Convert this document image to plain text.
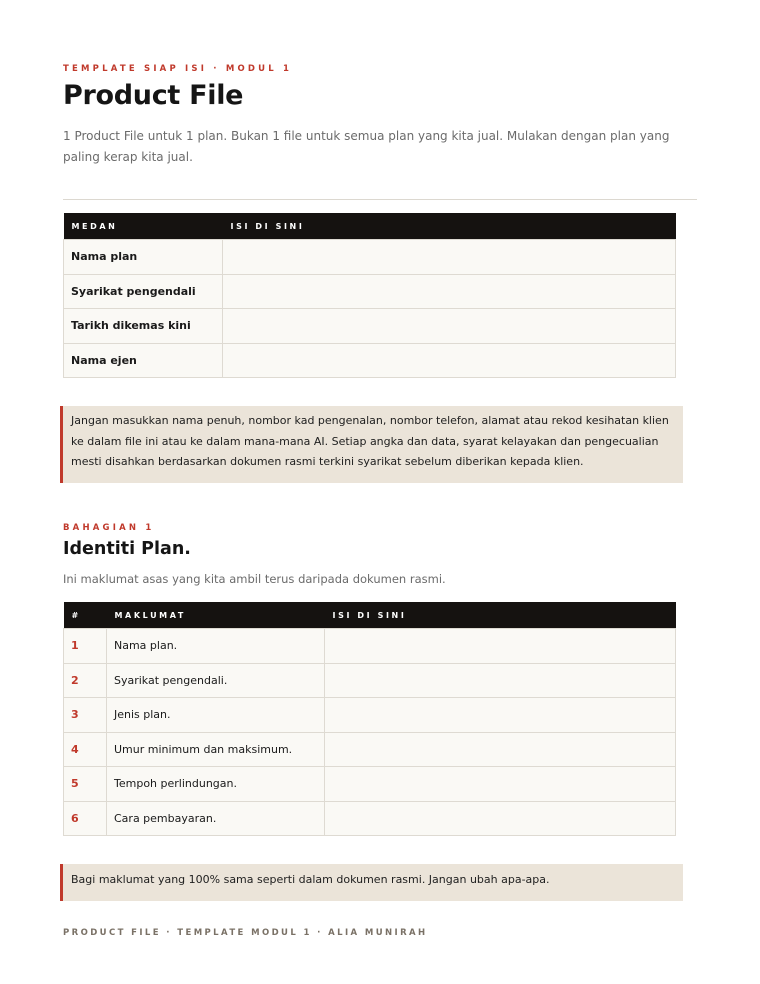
TEMPLATE SIAP ISI · MODUL 1
Product File
1 Product File untuk 1 plan. Bukan 1 file untuk semua plan yang kita jual. Mulakan dengan plan yang paling kerap kita jual.
MEDAN	ISI DI SINI
Nama plan	
Syarikat pengendali	
Tarikh dikemas kini	
Nama ejen	
Jangan masukkan nama penuh, nombor kad pengenalan, nombor telefon, alamat atau rekod kesihatan klien ke dalam file ini atau ke dalam mana-mana AI. Setiap angka dan data, syarat kelayakan dan pengecualian mesti disahkan berdasarkan dokumen rasmi terkini syarikat sebelum diberikan kepada klien.
BAHAGIAN 1
Identiti Plan.
Ini maklumat asas yang kita ambil terus daripada dokumen rasmi.
#	MAKLUMAT	ISI DI SINI
1	Nama plan.	
2	Syarikat pengendali.	
3	Jenis plan.	
4	Umur minimum dan maksimum.	
5	Tempoh perlindungan.	
6	Cara pembayaran.	
Bagi maklumat yang 100% sama seperti dalam dokumen rasmi. Jangan ubah apa-apa.
PRODUCT FILE · TEMPLATE MODUL 1 · ALIA MUNIRAH
